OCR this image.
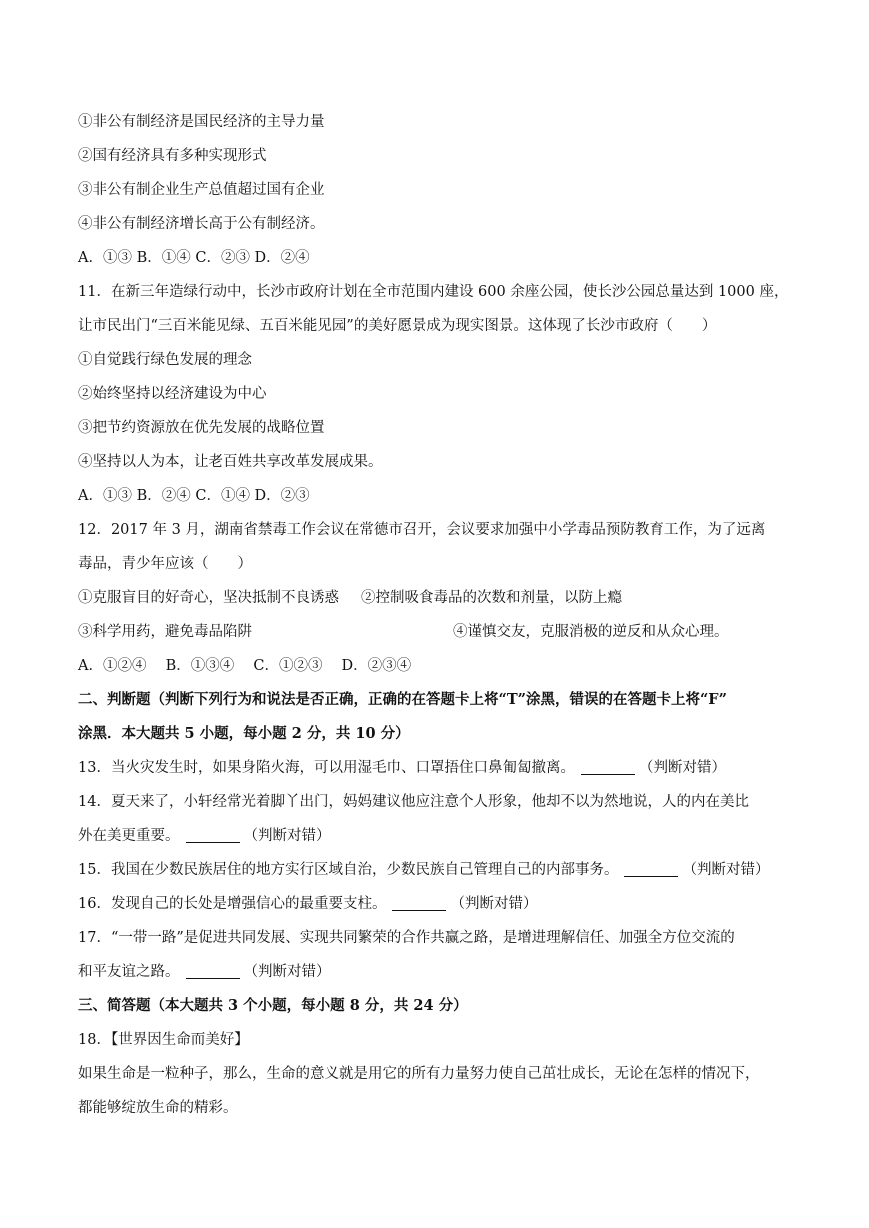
①非公有制经济是国民经济的主导力量
②国有经济具有多种实现形式
③非公有制企业生产总值超过国有企业
④非公有制经济增长高于公有制经济。
A．①③ B．①④ C．②③ D．②④
11．在新三年造绿行动中，长沙市政府计划在全市范围内建设 600 余座公园，使长沙公园总量达到 1000 座，
让市民出门“三百米能见绿、五百米能见园”的美好愿景成为现实图景。这体现了长沙市政府（　　）
①自觉践行绿色发展的理念
②始终坚持以经济建设为中心
③把节约资源放在优先发展的战略位置
④坚持以人为本，让老百姓共享改革发展成果。
A．①③ B．②④ C．①④ D．②③
12．2017 年 3 月，湖南省禁毒工作会议在常德市召开，会议要求加强中小学毒品预防教育工作，为了远离
毒品，青少年应该（　　）
①克服盲目的好奇心，坚决抵制不良诱惑 ②控制吸食毒品的次数和剂量，以防上瘾
③科学用药，避免毒品陷阱	④谨慎交友，克服消极的逆反和从众心理。
A．①②④　 B．①③④　 C．①②③　 D．②③④
二、判断题（判断下列行为和说法是否正确，正确的在答题卡上将“T”涂黑，错误的在答题卡上将“F”
涂黑．本大题共 5 小题，每小题 2 分，共 10 分）
13．当火灾发生时，如果身陷火海，可以用湿毛巾、口罩捂住口鼻匍匐撤离。	（判断对错）
14．夏天来了，小轩经常光着脚丫出门，妈妈建议他应注意个人形象，他却不以为然地说，人的内在美比
外在美更重要。	（判断对错）
15．我国在少数民族居住的地方实行区域自治，少数民族自己管理自己的内部事务。	（判断对错）
16．发现自己的长处是增强信心的最重要支柱。	（判断对错）
17．“一带一路”是促进共同发展、实现共同繁荣的合作共赢之路，是增进理解信任、加强全方位交流的
和平友谊之路。	（判断对错）
三、简答题（本大题共 3 个小题，每小题 8 分，共 24 分）
18．【世界因生命而美好】
如果生命是一粒种子，那么，生命的意义就是用它的所有力量努力使自己茁壮成长，无论在怎样的情况下，
都能够绽放生命的精彩。
